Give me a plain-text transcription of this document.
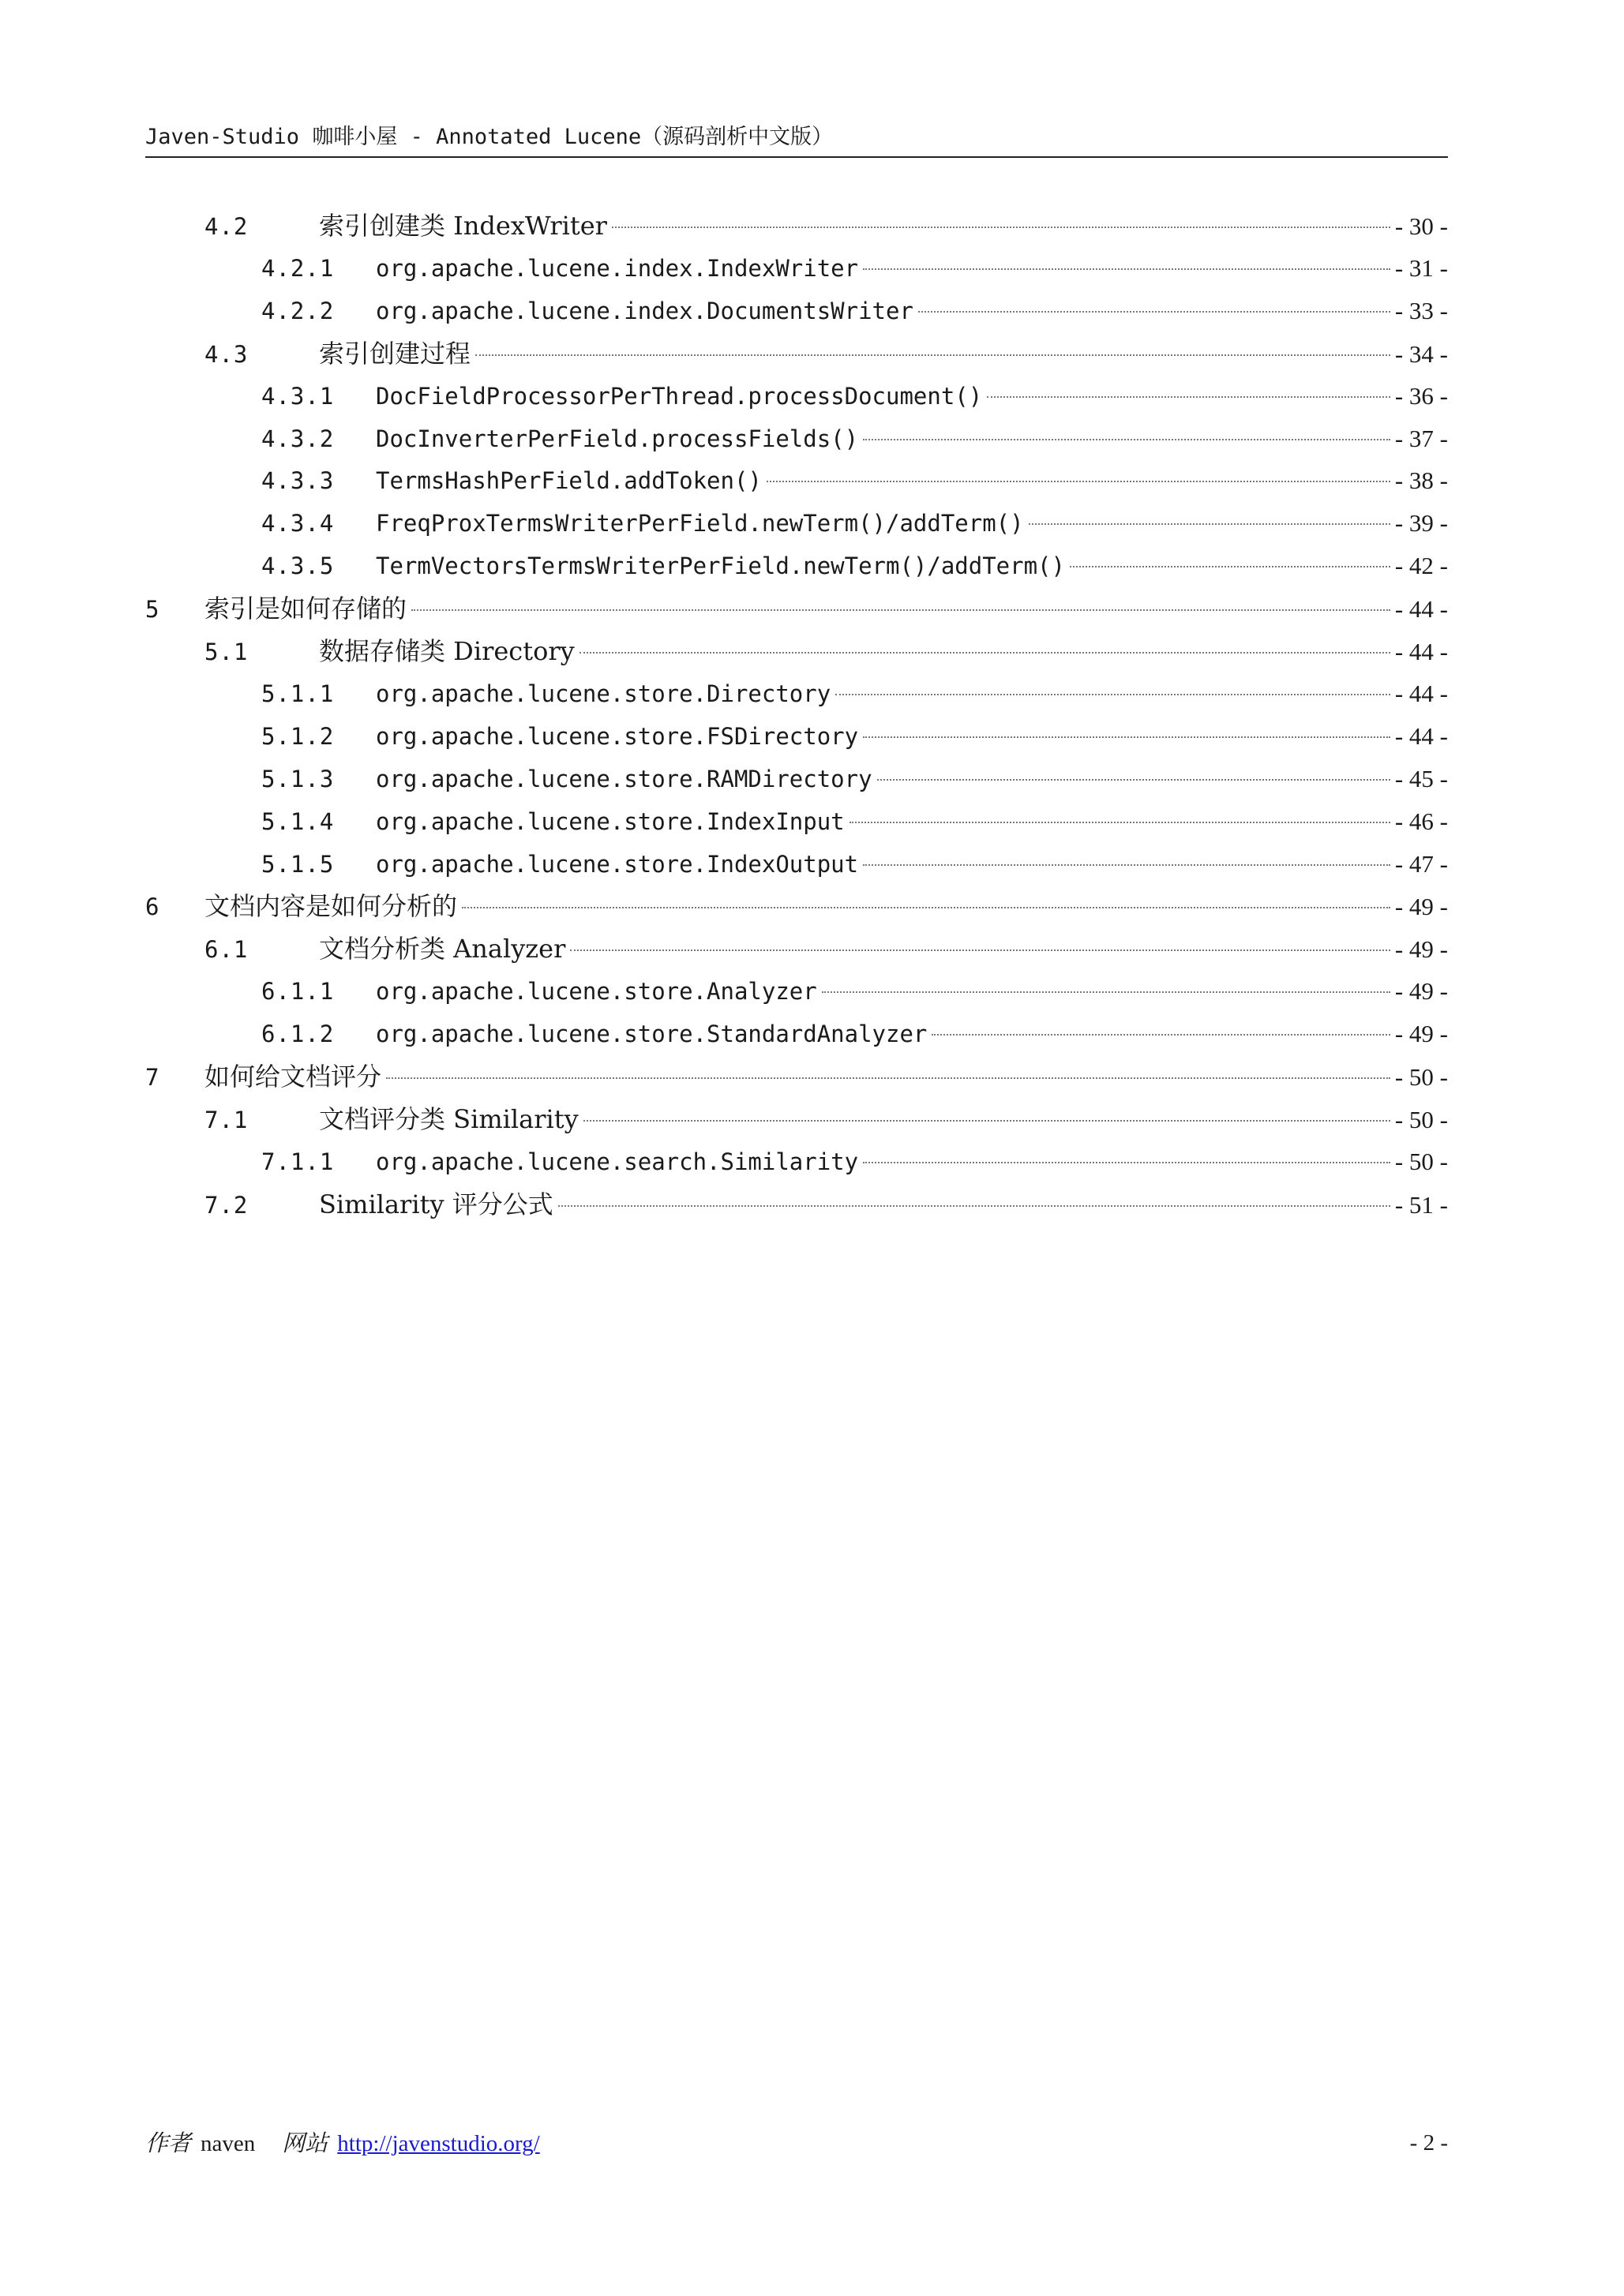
Javen-Studio 咖啡小屋 - Annotated Lucene（源码剖析中文版）
4.2	索引创建类 IndexWriter	- 30 -
4.2.1	org.apache.lucene.index.IndexWriter	- 31 -
4.2.2	org.apache.lucene.index.DocumentsWriter	- 33 -
4.3	索引创建过程	- 34 -
4.3.1	DocFieldProcessorPerThread.processDocument()	- 36 -
4.3.2	DocInverterPerField.processFields()	- 37 -
4.3.3	TermsHashPerField.addToken()	- 38 -
4.3.4	FreqProxTermsWriterPerField.newTerm()/addTerm()	- 39 -
4.3.5	TermVectorsTermsWriterPerField.newTerm()/addTerm()	- 42 -
5	索引是如何存储的	- 44 -
5.1	数据存储类 Directory	- 44 -
5.1.1	org.apache.lucene.store.Directory	- 44 -
5.1.2	org.apache.lucene.store.FSDirectory	- 44 -
5.1.3	org.apache.lucene.store.RAMDirectory	- 45 -
5.1.4	org.apache.lucene.store.IndexInput	- 46 -
5.1.5	org.apache.lucene.store.IndexOutput	- 47 -
6	文档内容是如何分析的	- 49 -
6.1	文档分析类 Analyzer	- 49 -
6.1.1	org.apache.lucene.store.Analyzer	- 49 -
6.1.2	org.apache.lucene.store.StandardAnalyzer	- 49 -
7	如何给文档评分	- 50 -
7.1	文档评分类 Similarity	- 50 -
7.1.1	org.apache.lucene.search.Similarity	- 50 -
7.2	Similarity 评分公式	- 51 -
作者 naven 网站 http://javenstudio.org/	- 2 -
